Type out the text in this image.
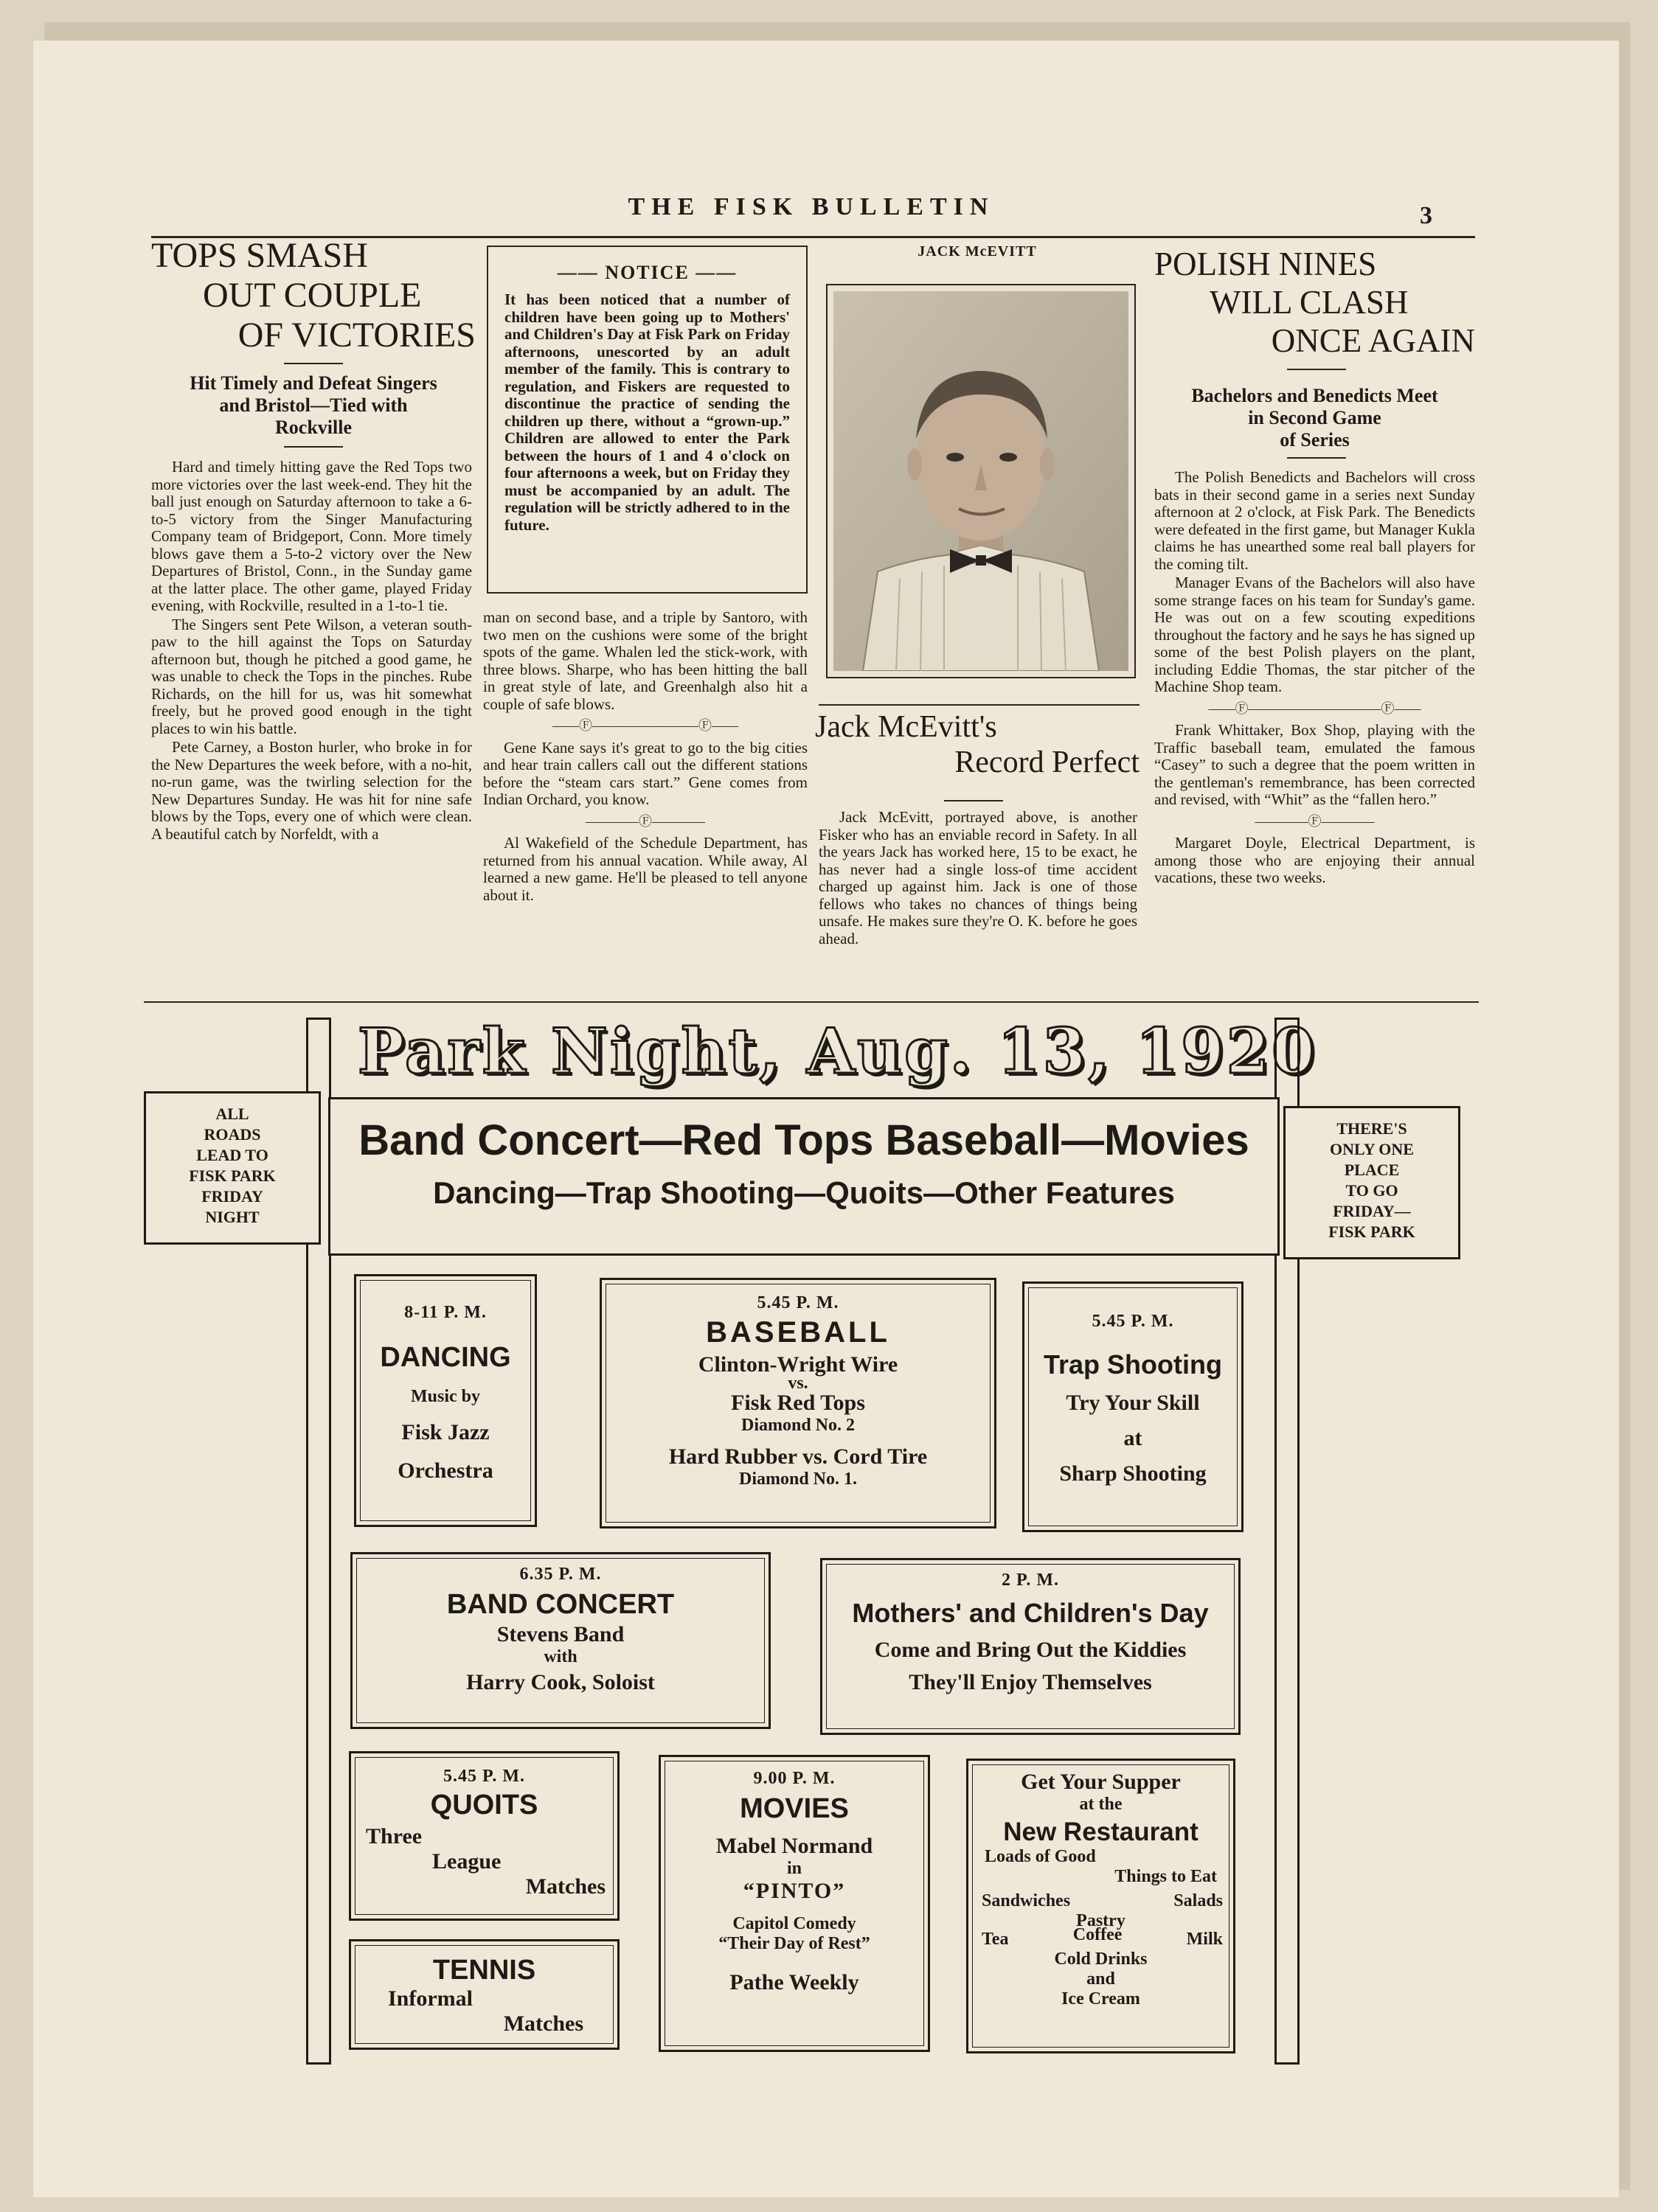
THE FISK BULLETIN	3
TOPS SMASH
OUT COUPLE
OF VICTORIES
Hit Timely and Defeat Singers
and Bristol—Tied with
Rockville

Hard and timely hitting gave the Red Tops two more victories over the last week-end. They hit the ball just enough on Saturday afternoon to take a 6-to-5 victory from the Singer Manufacturing Company team of Bridgeport, Conn. More timely blows gave them a 5-to-2 victory over the New Departures of Bristol, Conn., in the Sunday game at the latter place. The other game, played Friday evening, with Rockville, resulted in a 1-to-1 tie.

The Singers sent Pete Wilson, a veteran south-paw to the hill against the Tops on Saturday afternoon but, though he pitched a good game, he was unable to check the Tops in the pinches. Rube Richards, on the hill for us, was hit somewhat freely, but he proved good enough in the tight places to win his battle.

Pete Carney, a Boston hurler, who broke in for the New Departures the week before, with a no-hit, no-run game, was the twirling selection for the New Departures Sunday. He was hit for nine safe blows by the Tops, every one of which were clean. A beautiful catch by Norfeldt, with a

—— NOTICE ——
It has been noticed that a number of children have been going up to Mothers' and Children's Day at Fisk Park on Friday afternoons, unescorted by an adult member of the family. This is contrary to regulation, and Fiskers are requested to discontinue the practice of sending the children up there, without a “grown-up.” Children are allowed to enter the Park between the hours of 1 and 4 o'clock on four afternoons a week, but on Friday they must be accompanied by an adult. The regulation will be strictly adhered to in the future.

man on second base, and a triple by Santoro, with two men on the cushions were some of the bright spots of the game. Whalen led the stick-work, with three blows. Sharpe, who has been hitting the ball in great style of late, and Greenhalgh also hit a couple of safe blows.

——Ⓕ————————Ⓕ——

Gene Kane says it's great to go to the big cities and hear train callers call out the different stations before the “steam cars start.” Gene comes from Indian Orchard, you know.

————Ⓕ————

Al Wakefield of the Schedule Department, has returned from his annual vacation. While away, Al learned a new game. He'll be pleased to tell anyone about it.

JACK McEVITT
Jack McEvitt's
Record Perfect

Jack McEvitt, portrayed above, is another Fisker who has an enviable record in Safety. In all the years Jack has worked here, 15 to be exact, he has never had a single loss-of time accident charged up against him. Jack is one of those fellows who takes no chances of things being unsafe. He makes sure they're O. K. before he goes ahead.

POLISH NINES
WILL CLASH
ONCE AGAIN
Bachelors and Benedicts Meet
in Second Game
of Series

The Polish Benedicts and Bachelors will cross bats in their second game in a series next Sunday afternoon at 2 o'clock, at Fisk Park. The Benedicts were defeated in the first game, but Manager Kukla claims he has unearthed some real ball players for the coming tilt.

Manager Evans of the Bachelors will also have some strange faces on his team for Sunday's game. He was out on a few scouting expeditions throughout the factory and he says he has signed up some of the best Polish players on the plant, including Eddie Thomas, the star pitcher of the Machine Shop team.

——Ⓕ——————————Ⓕ——

Frank Whittaker, Box Shop, playing with the Traffic baseball team, emulated the famous “Casey” to such a degree that the poem written in the gentleman's remembrance, has been corrected and revised, with “Whit” as the “fallen hero.”

————Ⓕ————

Margaret Doyle, Electrical Department, is among those who are enjoying their annual vacations, these two weeks.

Park Night, Aug. 13, 1920
ALL
ROADS
LEAD TO
FISK PARK
FRIDAY
NIGHT
THERE'S
ONLY ONE
PLACE
TO GO
FRIDAY—
FISK PARK
Band Concert—Red Tops Baseball—Movies
Dancing—Trap Shooting—Quoits—Other Features
8-11 P. M.
DANCING
Music by
Fisk Jazz
Orchestra
5.45 P. M.
BASEBALL
Clinton-Wright Wire
vs.
Fisk Red Tops
Diamond No. 2
Hard Rubber vs. Cord Tire
Diamond No. 1.
5.45 P. M.
Trap Shooting
Try Your Skill
at
Sharp Shooting
6.35 P. M.
BAND CONCERT
Stevens Band
with
Harry Cook, Soloist
2 P. M.
Mothers' and Children's Day
Come and Bring Out the Kiddies
They'll Enjoy Themselves
5.45 P. M.
QUOITS
Three
League
Matches
TENNIS
Informal
Matches
9.00 P. M.
MOVIES
Mabel Normand
in
“PINTO”
Capitol Comedy
“Their Day of Rest”
Pathe Weekly
Get Your Supper
at the
New Restaurant
Loads of Good
Things to Eat
Sandwiches	Salads
Pastry
Tea	Coffee	Milk
Cold Drinks
and
Ice Cream
